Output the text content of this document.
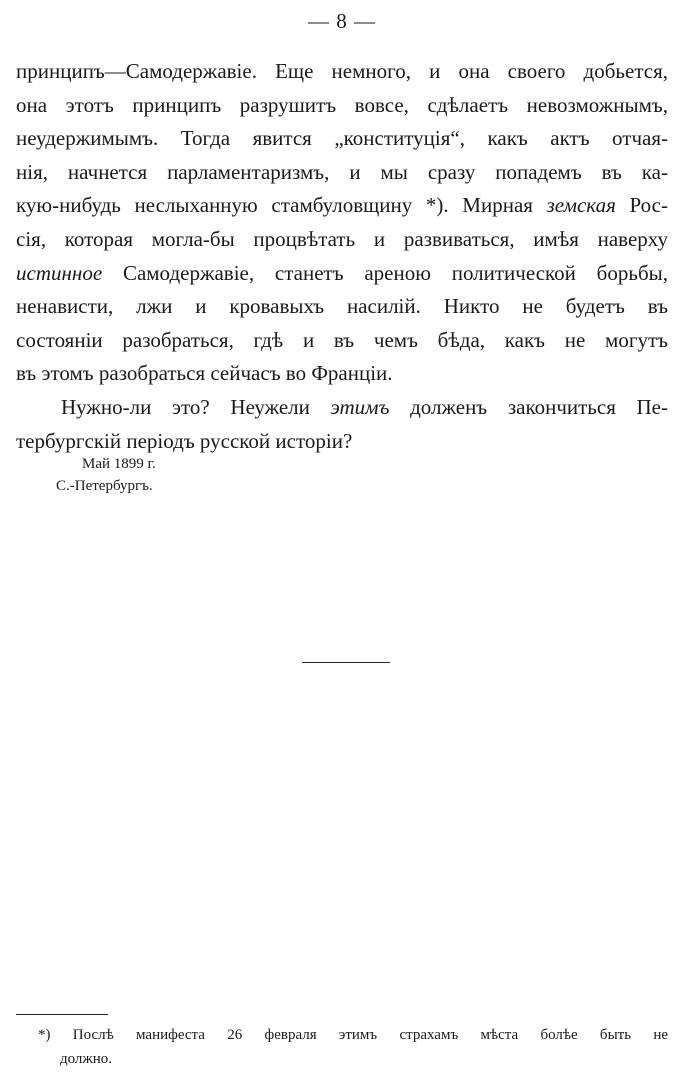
— 8 —
принципъ—Самодержавіе. Еще немного, и она своего добьется,
она этотъ принципъ разрушитъ вовсе, сдѣлаетъ невозможнымъ,
неудержимымъ. Тогда явится „конституція“, какъ актъ отчая-
нія, начнется парламентаризмъ, и мы сразу попадемъ въ ка-
кую-нибудь неслыханную стамбуловщину *). Мирная земская Рос-
сія, которая моглa-бы процвѣтать и развиваться, имѣя наверху
истинное Самодержавіе, станетъ ареною политической борьбы,
ненависти, лжи и кровавыхъ насилій. Никто не будетъ въ
состояніи разобраться, гдѣ и въ чемъ бѣда, какъ не могутъ
въ этомъ разобраться сейчасъ во Франціи.
Нужно-ли это? Неужели этимъ долженъ закончиться Пе-
тербургскій періодъ русской исторіи?
Май 1899 г.
С.-Петербургъ.
*) Послѣ манифеста 26 февраля этимъ страхамъ мѣста болѣе быть не
должно.
